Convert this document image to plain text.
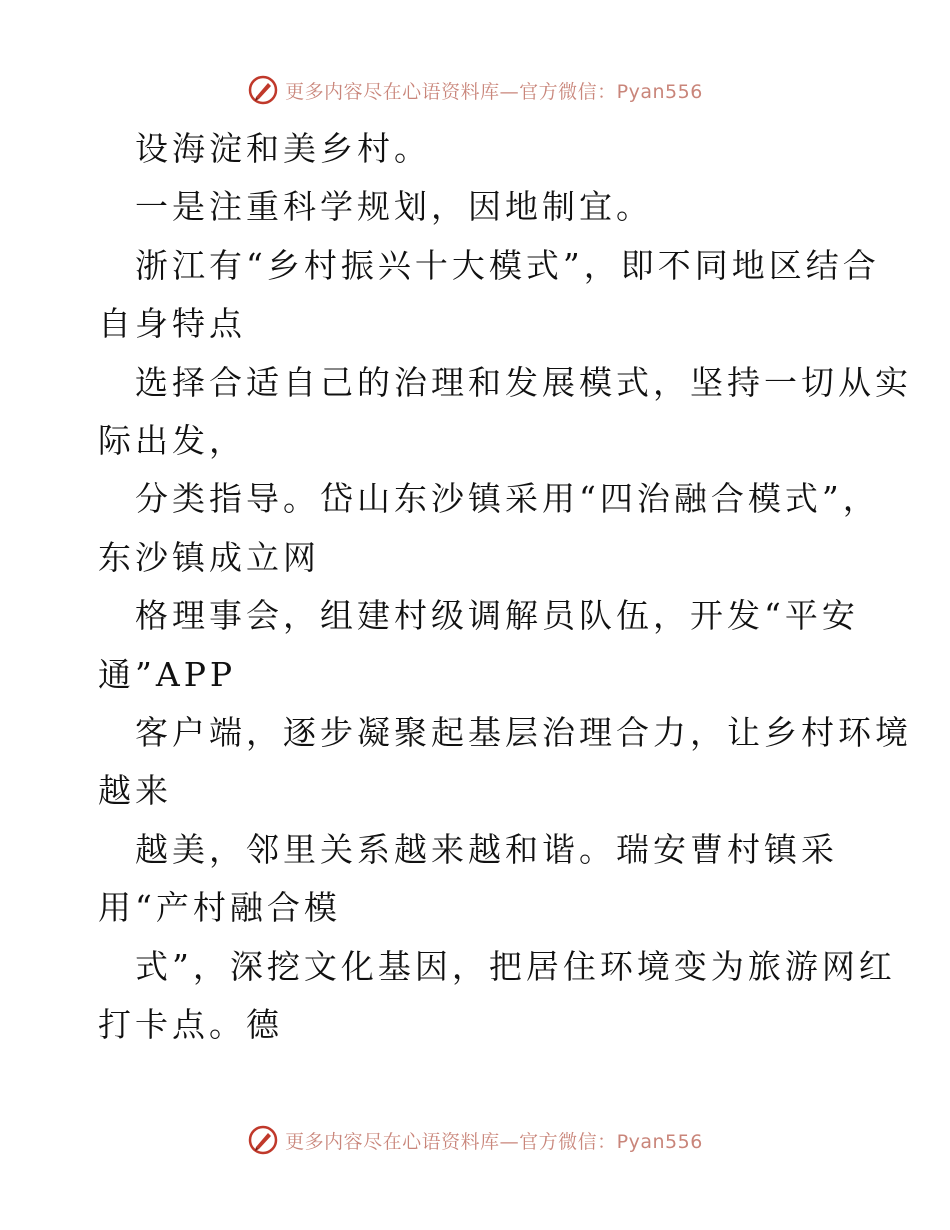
更多内容尽在心语资料库—官方微信：Pyan556
设海淀和美乡村。
一是注重科学规划，因地制宜。
浙江有“乡村振兴十大模式”，即不同地区结合
自身特点
选择合适自己的治理和发展模式，坚持一切从实
际出发，
分类指导。岱山东沙镇采用“四治融合模式”，
东沙镇成立网
格理事会，组建村级调解员队伍，开发“平安
通”APP
客户端，逐步凝聚起基层治理合力，让乡村环境
越来
越美，邻里关系越来越和谐。瑞安曹村镇采
用“产村融合模
式”，深挖文化基因，把居住环境变为旅游网红
打卡点。德
更多内容尽在心语资料库—官方微信：Pyan556
